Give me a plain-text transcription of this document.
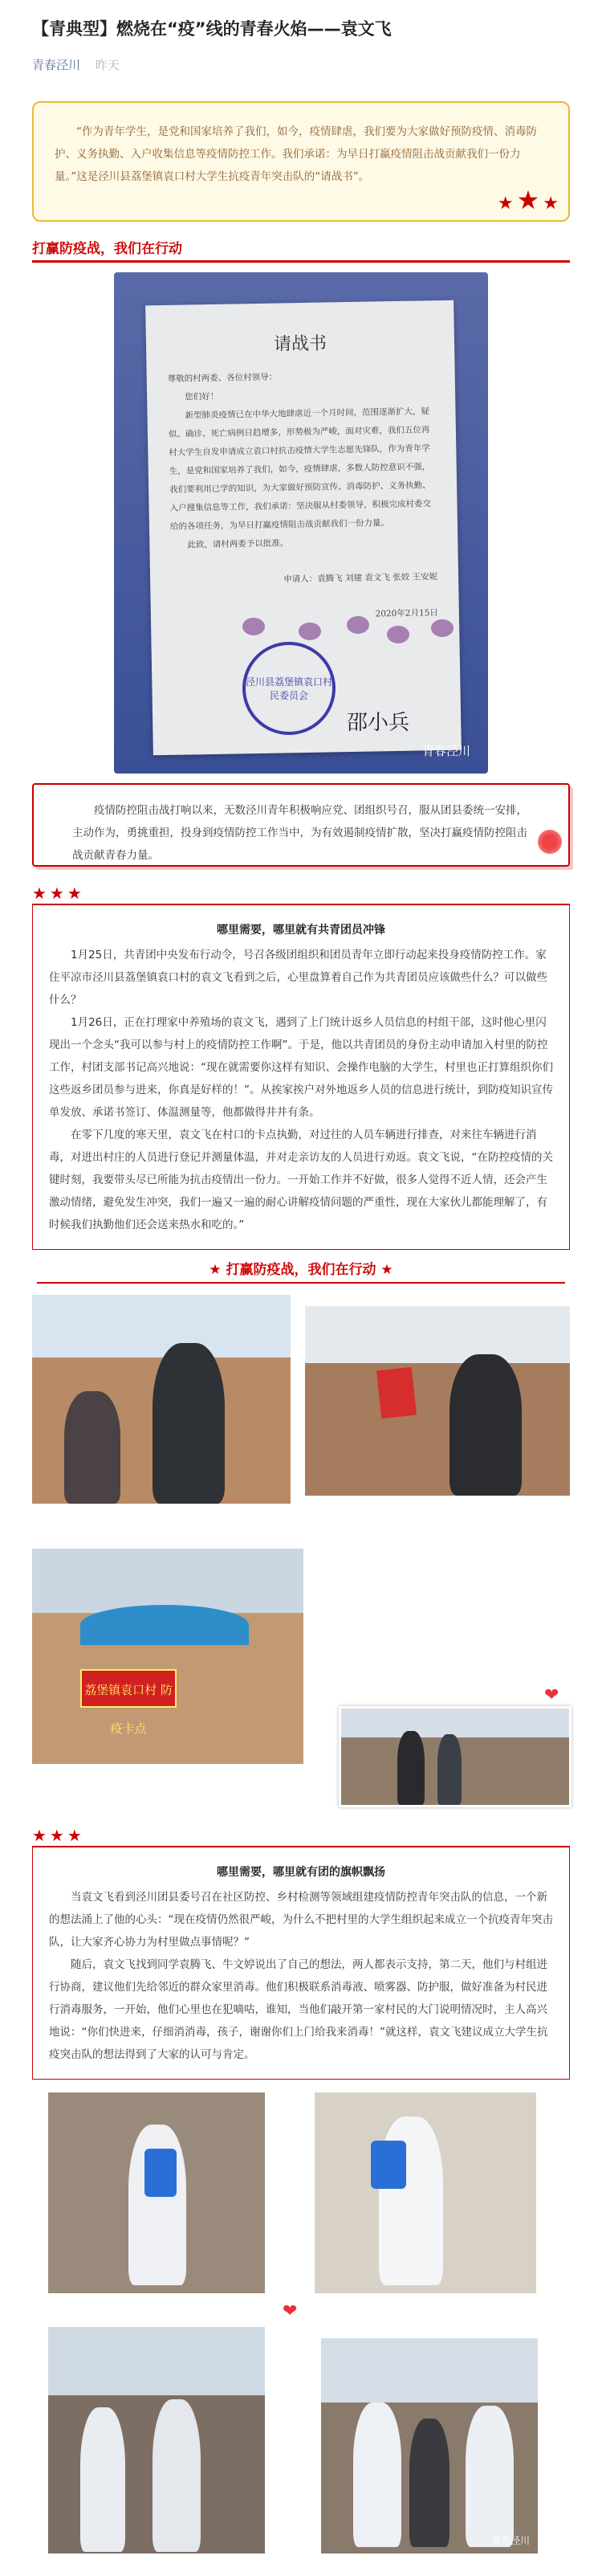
【青典型】燃烧在“疫”线的青春火焰——袁文飞
青春泾川 昨天

“作为青年学生，是党和国家培养了我们，如今，疫情肆虐，我们要为大家做好预防疫情、消毒防护、义务执勤、入户收集信息等疫情防控工作。我们承诺：为早日打赢疫情阻击战贡献我们一份力量。”这是泾川县荔堡镇袁口村大学生抗疫青年突击队的“请战书”。

★★★
打赢防疫战，我们在行动
请战书
尊敬的村两委、各位村领导：
您们好！
新型肺炎疫情已在中华大地肆虐近一个月时间，范围逐渐扩大，疑似、确诊、死亡病例日趋增多，形势极为严峻，面对灾难，我们五位再村大学生自发申请成立袁口村抗击疫情大学生志愿先锋队，作为青年学生，是党和国家培养了我们，如今，疫情肆虐，多数人防控意识不强，我们要利用已学的知识，为大家做好预防宣传、消毒防护、义务执勤、入户搜集信息等工作，我们承诺：坚决服从村委领导，积极完成村委交给的各项任务，为早日打赢疫情阻击战贡献我们一份力量。
此致，请村两委予以批准。
申请人：袁腾飞 刘建 袁文飞 张姣 王安妮
2020年2月15日
泾川县荔堡镇袁口村民委员会
邵小兵
青春泾川

疫情防控阻击战打响以来，无数泾川青年积极响应党、团组织号召，服从团县委统一安排，主动作为，勇挑重担，投身到疫情防控工作当中，为有效遏制疫情扩散，坚决打赢疫情防控阻击战贡献青春力量。

★★★
哪里需要，哪里就有共青团员冲锋

1月25日，共青团中央发布行动令，号召各级团组织和团员青年立即行动起来投身疫情防控工作。家住平凉市泾川县荔堡镇袁口村的袁文飞看到之后，心里盘算着自己作为共青团员应该做些什么？可以做些什么？

1月26日，正在打理家中养殖场的袁文飞，遇到了上门统计返乡人员信息的村组干部，这时他心里闪现出一个念头“我可以参与村上的疫情防控工作啊”。于是，他以共青团员的身份主动申请加入村里的防控工作，村团支部书记高兴地说：“现在就需要你这样有知识、会操作电脑的大学生，村里也正打算组织你们这些返乡团员参与进来，你真是好样的！”。从挨家挨户对外地返乡人员的信息进行统计，到防疫知识宣传单发放、承诺书签订、体温测量等，他都做得井井有条。

在零下几度的寒天里，袁文飞在村口的卡点执勤，对过往的人员车辆进行排查，对来往车辆进行消毒，对进出村庄的人员进行登记并测量体温，并对走亲访友的人员进行劝返。袁文飞说，“在防控疫情的关键时刻，我要带头尽已所能为抗击疫情出一份力。一开始工作并不好做，很多人觉得不近人情，还会产生激动情绪，避免发生冲突，我们一遍又一遍的耐心讲解疫情问题的严重性，现在大家伙儿都能理解了，有时候我们执勤他们还会送来热水和吃的。”

★ 打赢防疫战，我们在行动 ★
荔堡镇袁口村 防疫卡点
❤
★★★
哪里需要，哪里就有团的旗帜飘扬

当袁文飞看到泾川团县委号召在社区防控、乡村检测等领域组建疫情防控青年突击队的信息，一个新的想法涌上了他的心头：“现在疫情仍然很严峻，为什么不把村里的大学生组织起来成立一个抗疫青年突击队，让大家齐心协力为村里做点事情呢？”

随后，袁文飞找到同学袁腾飞、牛文婷说出了自己的想法，两人都表示支持，第二天，他们与村组进行协商，建议他们先给邻近的群众家里消毒。他们积极联系消毒液、喷雾器、防护服，做好准备为村民进行消毒服务，一开始，他们心里也在犯嘀咕，谁知，当他们敲开第一家村民的大门说明情况时，主人高兴地说：“你们快进来，仔细消消毒，孩子，谢谢你们上门给我来消毒！”就这样，袁文飞建议成立大学生抗疫突击队的想法得到了大家的认可与肯定。

❤
青春泾川
